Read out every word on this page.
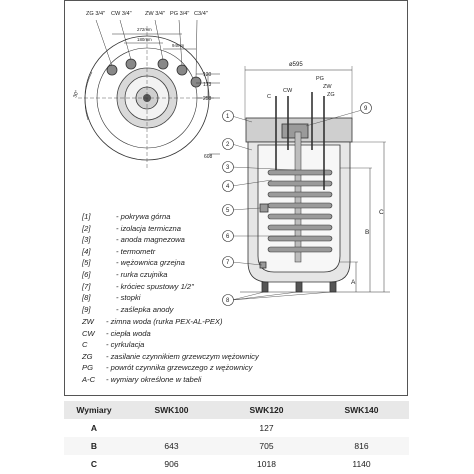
ZG 3/4" CW 3/4" ZW 3/4" PG 3/4" C3/4"
272mm
180mm
94mm
120
173
258
608
30°
ø595
C
CW
PG
ZW
ZG
A
B
C
1
2
3
4
5
6
7
8
9
[1]	- pokrywa górna
[2]	- izolacja termiczna
[3]	- anoda magnezowa
[4]	- termometr
[5]	- wężownica grzejna
[6]	- rurka czujnika
[7]	- króciec spustowy 1/2"
[8]	- stopki
[9]	- zaślepka anody
ZW	- zimna woda (rurka PEX-AL-PEX)
CW	- ciepła woda
C	- cyrkulacja
ZG	- zasilanie czynnikiem grzewczym wężownicy
PG	- powrót czynnika grzewczego z wężownicy
A-C	- wymiary określone w tabeli
Wymiary	SWK100	SWK120	SWK140
A		127	
B	643	705	816
C	906	1018	1140
